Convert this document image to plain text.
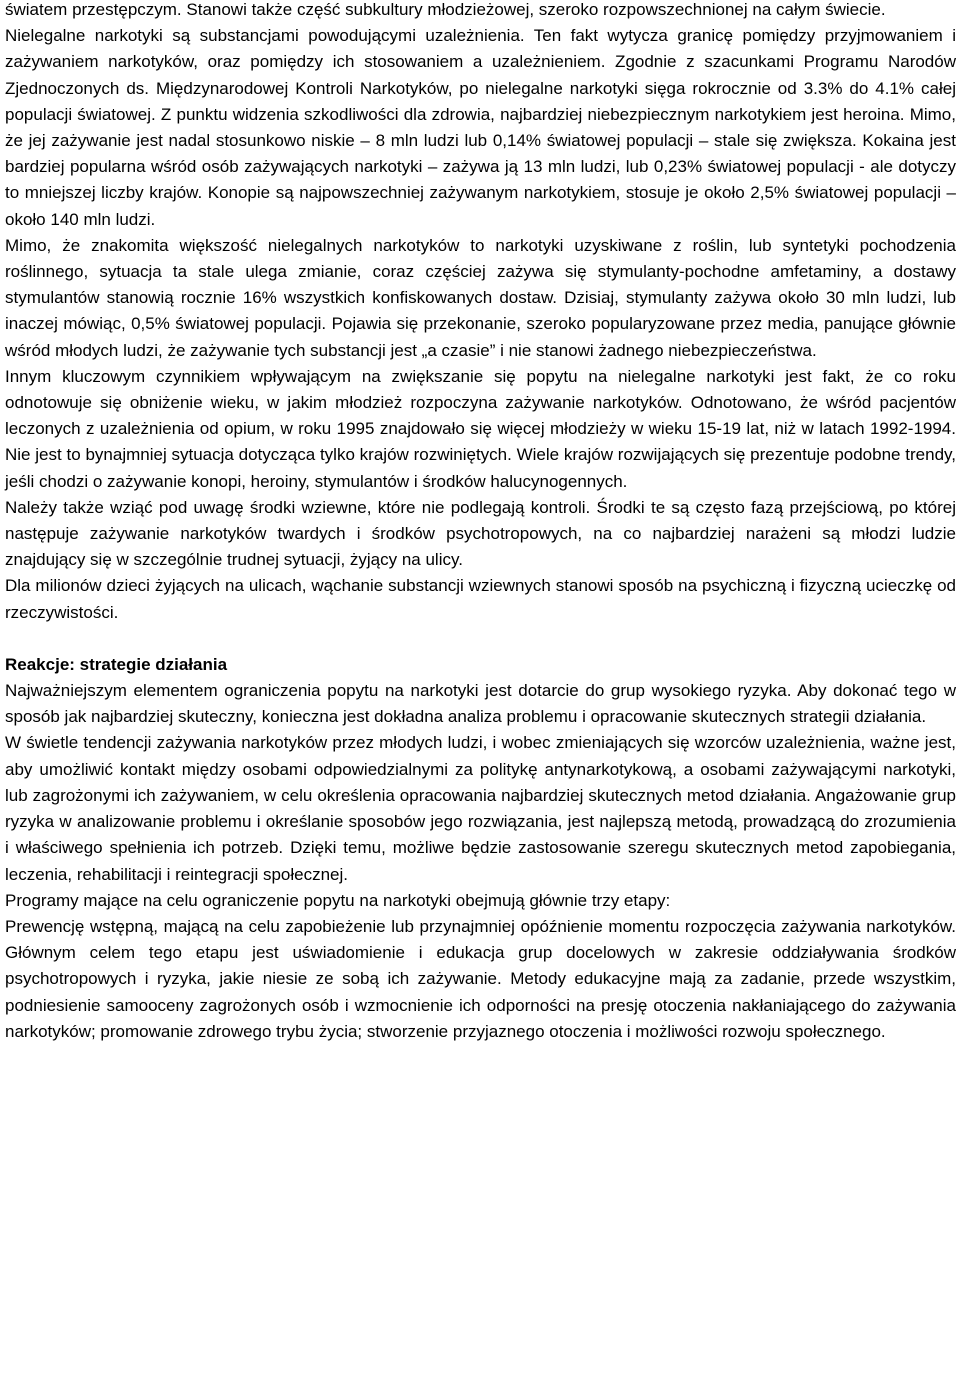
światem przestępczym. Stanowi także część subkultury młodzieżowej, szeroko rozpowszechnionej na całym świecie.

Nielegalne narkotyki są substancjami powodującymi uzależnienia. Ten fakt wytycza granicę pomiędzy przyjmowaniem i zażywaniem narkotyków, oraz pomiędzy ich stosowaniem a uzależnieniem. Zgodnie z szacunkami Programu Narodów Zjednoczonych ds. Międzynarodowej Kontroli Narkotyków, po nielegalne narkotyki sięga rokrocznie od 3.3% do 4.1% całej populacji światowej. Z punktu widzenia szkodliwości dla zdrowia, najbardziej niebezpiecznym narkotykiem jest heroina. Mimo, że jej zażywanie jest nadal stosunkowo niskie – 8 mln ludzi lub 0,14% światowej populacji – stale się zwiększa. Kokaina jest bardziej popularna wśród osób zażywających narkotyki – zażywa ją 13 mln ludzi, lub 0,23% światowej populacji - ale dotyczy to mniejszej liczby krajów. Konopie są najpowszechniej zażywanym narkotykiem, stosuje je około 2,5% światowej populacji – około 140 mln ludzi.

Mimo, że znakomita większość nielegalnych narkotyków to narkotyki uzyskiwane z roślin, lub syntetyki pochodzenia roślinnego, sytuacja ta stale ulega zmianie, coraz częściej zażywa się stymulanty-pochodne amfetaminy, a dostawy stymulantów stanowią rocznie 16% wszystkich konfiskowanych dostaw. Dzisiaj, stymulanty zażywa około 30 mln ludzi, lub inaczej mówiąc, 0,5% światowej populacji. Pojawia się przekonanie, szeroko popularyzowane przez media, panujące głównie wśród młodych ludzi, że zażywanie tych substancji jest „a czasie” i nie stanowi żadnego niebezpieczeństwa.

Innym kluczowym czynnikiem wpływającym na zwiększanie się popytu na nielegalne narkotyki jest fakt, że co roku odnotowuje się obniżenie wieku, w jakim młodzież rozpoczyna zażywanie narkotyków. Odnotowano, że wśród pacjentów leczonych z uzależnienia od opium, w roku 1995 znajdowało się więcej młodzieży w wieku 15-19 lat, niż w latach 1992-1994. Nie jest to bynajmniej sytuacja dotycząca tylko krajów rozwiniętych. Wiele krajów rozwijających się prezentuje podobne trendy, jeśli chodzi o zażywanie konopi, heroiny, stymulantów i środków halucynogennych.

Należy także wziąć pod uwagę środki wziewne, które nie podlegają kontroli. Środki te są często fazą przejściową, po której następuje zażywanie narkotyków twardych i środków psychotropowych, na co najbardziej narażeni są młodzi ludzie znajdujący się w szczególnie trudnej sytuacji, żyjący na ulicy.

Dla milionów dzieci żyjących na ulicach, wąchanie substancji wziewnych stanowi sposób na psychiczną i fizyczną ucieczkę od rzeczywistości.

Reakcje: strategie działania

Najważniejszym elementem ograniczenia popytu na narkotyki jest dotarcie do grup wysokiego ryzyka. Aby dokonać tego w sposób jak najbardziej skuteczny, konieczna jest dokładna analiza problemu i opracowanie skutecznych strategii działania.

W świetle tendencji zażywania narkotyków przez młodych ludzi, i wobec zmieniających się wzorców uzależnienia, ważne jest, aby umożliwić kontakt między osobami odpowiedzialnymi za politykę antynarkotykową, a osobami zażywającymi narkotyki, lub zagrożonymi ich zażywaniem, w celu określenia opracowania najbardziej skutecznych metod działania. Angażowanie grup ryzyka w analizowanie problemu i określanie sposobów jego rozwiązania, jest najlepszą metodą, prowadzącą do zrozumienia i właściwego spełnienia ich potrzeb. Dzięki temu, możliwe będzie zastosowanie szeregu skutecznych metod zapobiegania, leczenia, rehabilitacji i reintegracji społecznej.

Programy mające na celu ograniczenie popytu na narkotyki obejmują głównie trzy etapy:

Prewencję wstępną, mającą na celu zapobieżenie lub przynajmniej opóźnienie momentu rozpoczęcia zażywania narkotyków. Głównym celem tego etapu jest uświadomienie i edukacja grup docelowych w zakresie oddziaływania środków psychotropowych i ryzyka, jakie niesie ze sobą ich zażywanie. Metody edukacyjne mają za zadanie, przede wszystkim, podniesienie samooceny zagrożonych osób i wzmocnienie ich odporności na presję otoczenia nakłaniającego do zażywania narkotyków; promowanie zdrowego trybu życia; stworzenie przyjaznego otoczenia i możliwości rozwoju społecznego.
